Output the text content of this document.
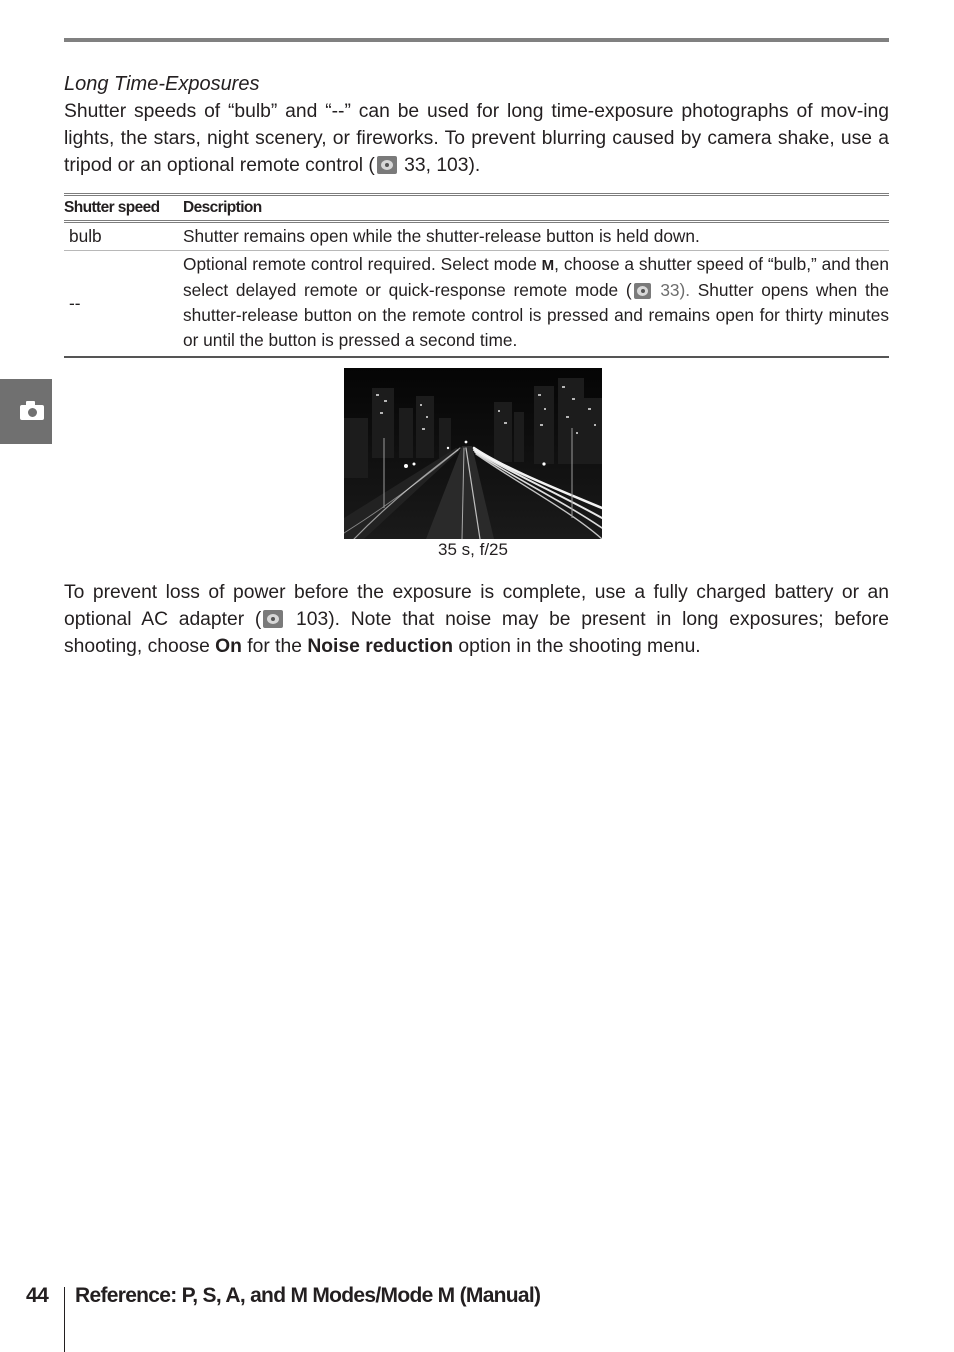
Long Time-Exposures

Shutter speeds of “bulb” and “--” can be used for long time-exposure photographs of mov-ing lights, the stars, night scenery, or fireworks. To prevent blurring caused by camera shake, use a tripod or an optional remote control ( 33, 103).

Shutter speed	Description
bulb	Shutter remains open while the shutter-release button is held down.
--	Optional remote control required. Select mode M, choose a shutter speed of “bulb,” and then select delayed remote or quick-response remote mode ( 33). Shutter opens when the shutter-release button on the remote control is pressed and remains open for thirty minutes or until the button is pressed a second time.
35 s, f/25

To prevent loss of power before the exposure is complete, use a fully charged battery or an optional AC adapter ( 103). Note that noise may be present in long exposures; before shooting, choose On for the Noise reduction option in the shooting menu.

44 Reference: P, S, A, and M Modes/Mode M (Manual)
